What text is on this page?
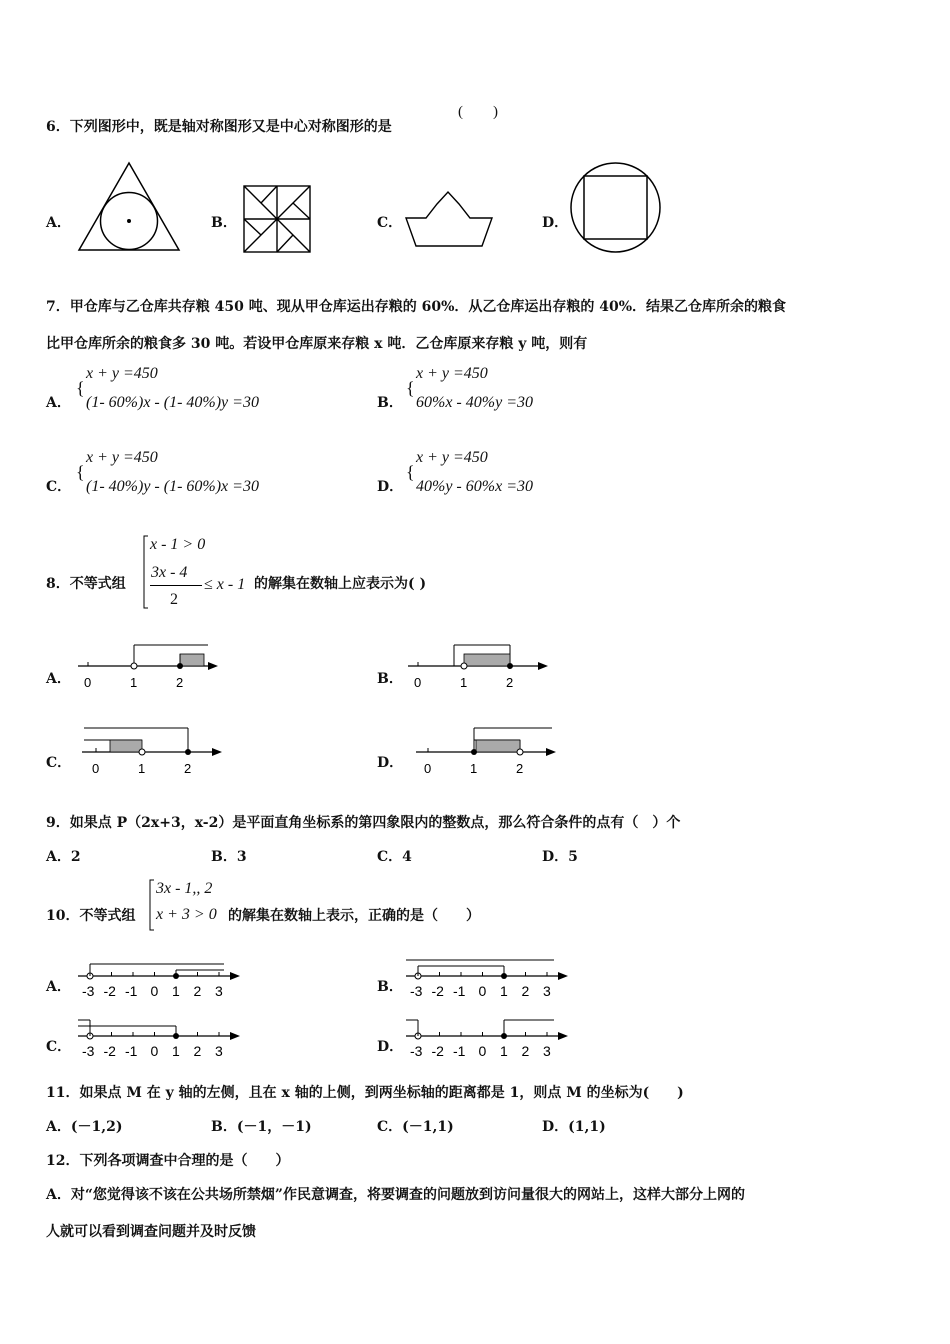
6．下列图形中，既是轴对称图形又是中心对称图形的是
(　　)
A．	B．	C．	D．
7．甲仓库与乙仓库共存粮 450 吨、现从甲仓库运出存粮的 60%．从乙仓库运出存粮的 40%．结果乙仓库所余的粮食
比甲仓库所余的粮食多 30 吨。若设甲仓库原来存粮 x 吨．乙仓库原来存粮 y 吨，则有
A．
{
x + y =450
(1- 60%)x - (1- 40%)y =30	B．
{
x + y =450
60%x - 40%y =30
C．
{
x + y =450
(1- 40%)y - (1- 60%)x =30	D．
{
x + y =450
40%y - 60%x =30
8．不等式组
x - 1 > 0
3x - 4
2
≤ x - 1 的解集在数轴上应表示为( )
A． 0	1	2	B． 0	1	2
C． 0	1	2	D． 0	1	2
9．如果点 P（2x+3，x-2）是平面直角坐标系的第四象限内的整数点，那么符合条件的点有（　）个
A．2	B．3	C．4	D．5
10．不等式组
3x - 1,, 2
x + 3 > 0 的解集在数轴上表示，正确的是（　　）
A． -3 -2 -1 0 1 2 3	B． -3 -2 -1 0 1 2 3
C． -3 -2 -1 0 1 2 3	D． -3 -2 -1 0 1 2 3
11．如果点 M 在 y 轴的左侧，且在 x 轴的上侧，到两坐标轴的距离都是 1，则点 M 的坐标为(　　)
A．(－1,2)	B．(－1，－1)	C．(－1,1)	D．(1,1)
12．下列各项调查中合理的是（　　）
A．对“您觉得该不该在公共场所禁烟”作民意调查，将要调查的问题放到访问量很大的网站上，这样大部分上网的
人就可以看到调查问题并及时反馈
